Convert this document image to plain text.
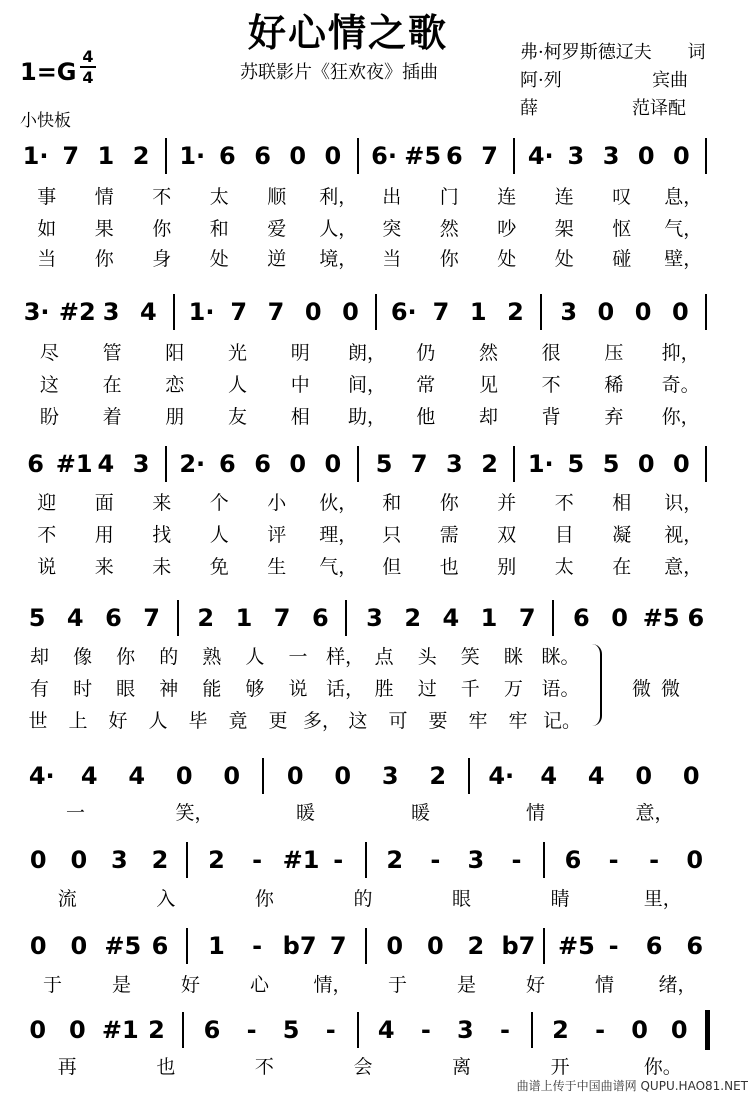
好心情之歌
苏联影片《狂欢夜》插曲
1=G
4
4
小快板
弗·柯罗斯德辽夫 词
阿·列	宾曲
薛	范译配
1· 7 1 2 1· 6 6 0 0 6· #5 6 7 4· 3 3 0 0
事 情 不 太 顺 利， 出 门 连 连 叹 息，
如 果 你 和 爱 人， 突 然 吵 架 怄 气，
当 你 身 处 逆 境， 当 你 处 处 碰 壁，
3· #2 3 4 1· 7 7 0 0 6· 7 1 2 3 0 0 0
尽 管 阳 光 明 朗， 仍 然 很 压 抑，
这 在 恋 人 中 间， 常 见 不 稀 奇。
盼 着 朋 友 相 助， 他 却 背 弃 你，
6 #1 4 3 2· 6 6 0 0 5 7 3 2 1· 5 5 0 0
迎 面 来 个 小 伙， 和 你 并 不 相 识，
不 用 找 人 评 理， 只 需 双 目 凝 视，
说 来 未 免 生 气， 但 也 别 太 在 意，
5 4 6 7 2 1 7 6 3 2 4 1 7 6 0 #5 6
却 像 你 的 熟 人 一 样， 点 头 笑 眯 眯。
有 时 眼 神 能 够 说 话， 胜 过 千 万 语。
世 上 好 人 毕 竟 更 多， 这 可 要 牢 牢 记。
4· 4 4 0 0 0 0 3 2 4· 4 4 0 0
一	笑，	暖	暖	情	意，
0 0 3 2 2	- #1 -	2	-	3	-	6	-	-	0
流	入	你	的	眼	睛	里，
0 0 #5 6 1	- b7 7 0 0 2 b7 #5 -	6 6
于	是	好	心 情， 于	是	好	情 绪，
0 0 #1 2 6	-	5	-	4	-	3	-	2	-	0 0
再	也	不	会	离	开	你。
微微
曲谱上传于中国曲谱网 QUPU.HAO81.NET
